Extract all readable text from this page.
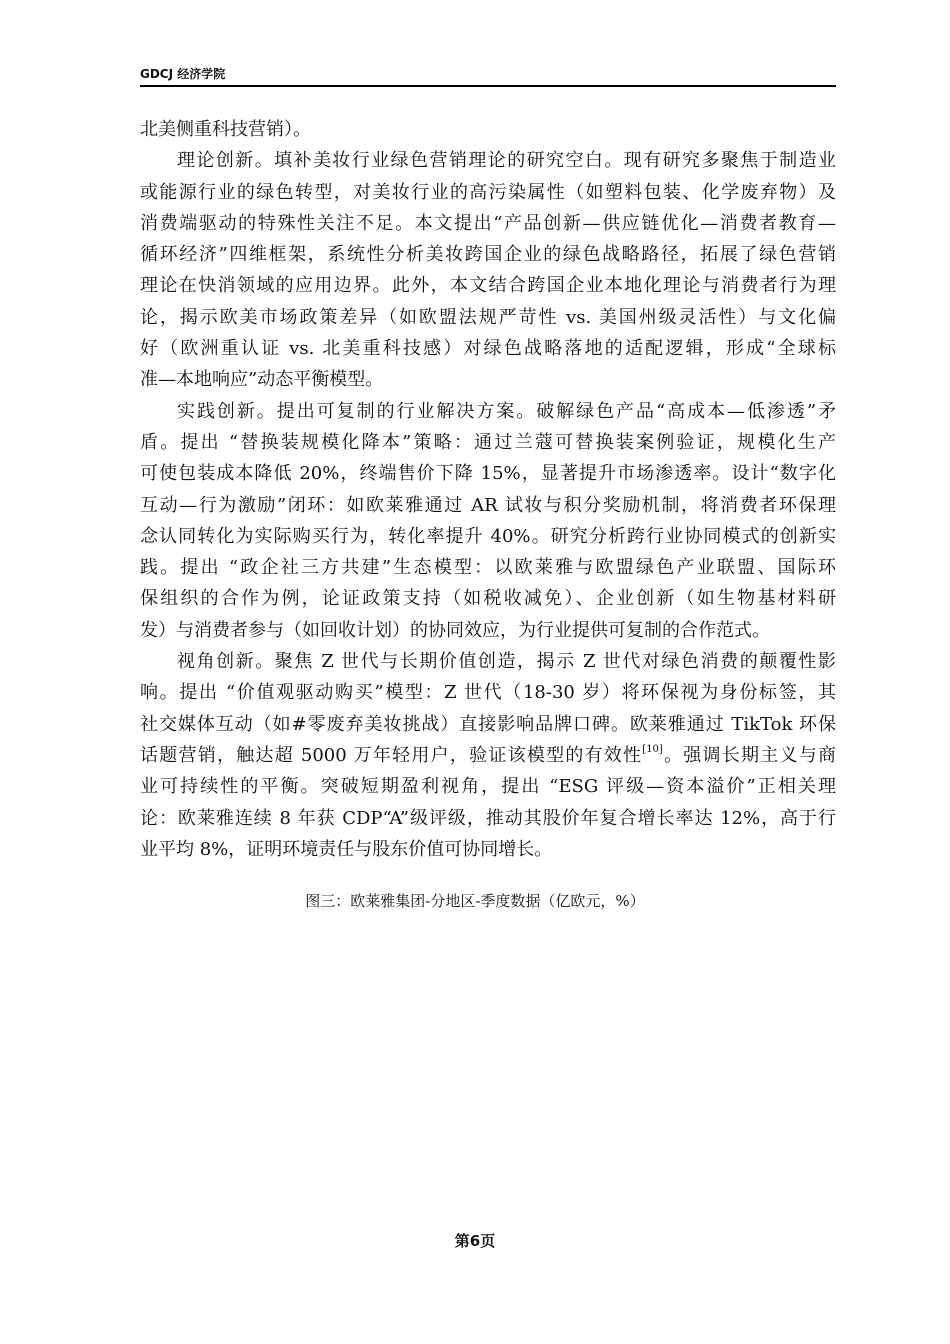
GDCJ 经济学院
北美侧重科技营销）。
理论创新。填补美妆行业绿色营销理论的研究空白。现有研究多聚焦于制造业
或能源行业的绿色转型，对美妆行业的高污染属性（如塑料包装、化学废弃物）及
消费端驱动的特殊性关注不足。本文提出“产品创新—供应链优化—消费者教育—
循环经济”四维框架，系统性分析美妆跨国企业的绿色战略路径，拓展了绿色营销
理论在快消领域的应用边界。此外，本文结合跨国企业本地化理论与消费者行为理
论，揭示欧美市场政策差异（如欧盟法规严苛性 vs. 美国州级灵活性）与文化偏
好（欧洲重认证 vs. 北美重科技感）对绿色战略落地的适配逻辑，形成“全球标
准—本地响应”动态平衡模型。
实践创新。提出可复制的行业解决方案。破解绿色产品“高成本—低渗透”矛
盾。提出 “替换装规模化降本”策略：通过兰蔻可替换装案例验证，规模化生产
可使包装成本降低 20%，终端售价下降 15%，显著提升市场渗透率。设计“数字化
互动—行为激励”闭环：如欧莱雅通过 AR 试妆与积分奖励机制，将消费者环保理
念认同转化为实际购买行为，转化率提升 40%。研究分析跨行业协同模式的创新实
践。提出 “政企社三方共建”生态模型：以欧莱雅与欧盟绿色产业联盟、国际环
保组织的合作为例，论证政策支持（如税收减免）、企业创新（如生物基材料研
发）与消费者参与（如回收计划）的协同效应，为行业提供可复制的合作范式。
视角创新。聚焦 Z 世代与长期价值创造，揭示 Z 世代对绿色消费的颠覆性影
响。提出 “价值观驱动购买”模型：Z 世代（18-30 岁）将环保视为身份标签，其
社交媒体互动（如#零废弃美妆挑战）直接影响品牌口碑。欧莱雅通过 TikTok 环保
话题营销，触达超 5000 万年轻用户，验证该模型的有效性[10]。强调长期主义与商
业可持续性的平衡。突破短期盈利视角，提出 “ESG 评级—资本溢价”正相关理
论：欧莱雅连续 8 年获 CDP“A”级评级，推动其股价年复合增长率达 12%，高于行
业平均 8%，证明环境责任与股东价值可协同增长。
图三：欧莱雅集团-分地区-季度数据（亿欧元，%）
第6页
